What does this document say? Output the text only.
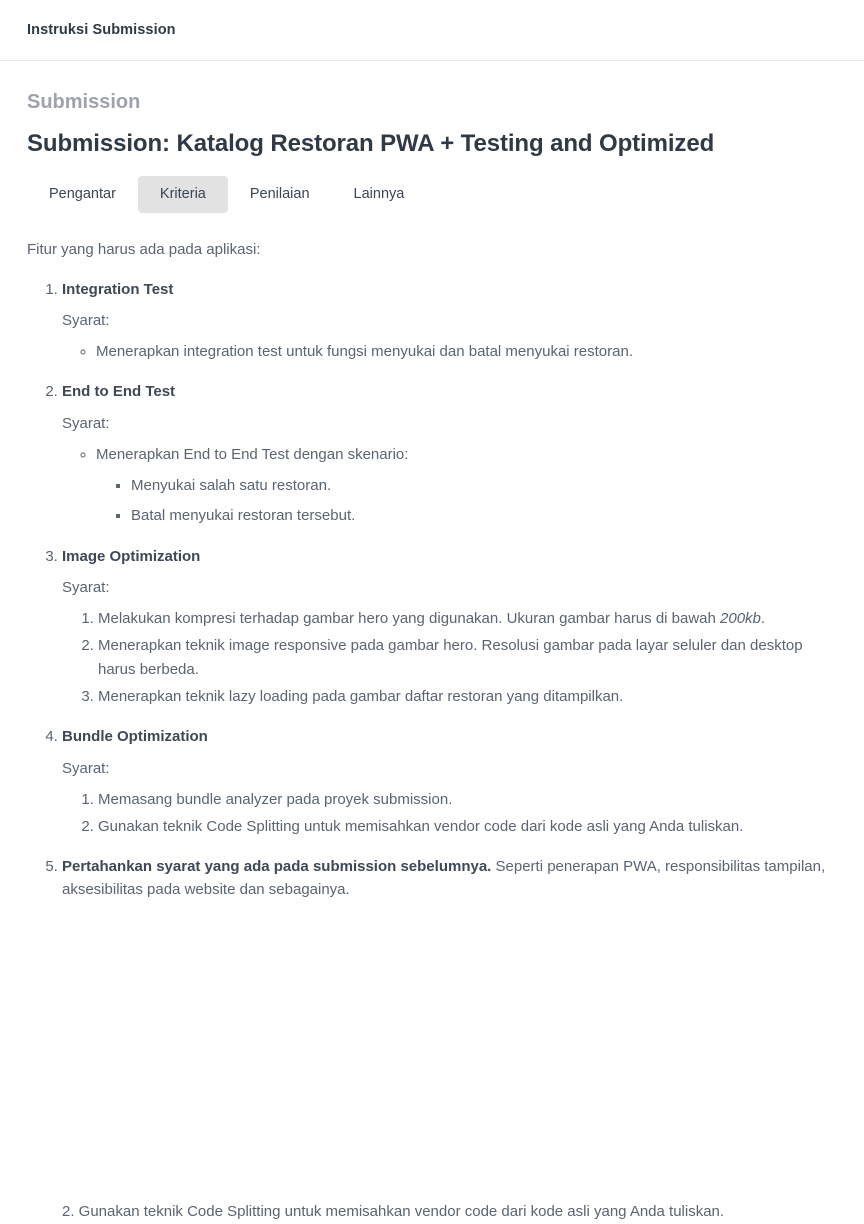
Instruksi Submission
Submission
Submission: Katalog Restoran PWA + Testing and Optimized
Pengantar	Kriteria	Penilaian	Lainnya

Fitur yang harus ada pada aplikasi:

1. Integration Test
Syarat:
◦ Menerapkan integration test untuk fungsi menyukai dan batal menyukai restoran.
2. End to End Test
Syarat:
◦ Menerapkan End to End Test dengan skenario:
▪ Menyukai salah satu restoran.
▪ Batal menyukai restoran tersebut.
3. Image Optimization
Syarat:
1. Melakukan kompresi terhadap gambar hero yang digunakan. Ukuran gambar harus di bawah 200kb.
2. Menerapkan teknik image responsive pada gambar hero. Resolusi gambar pada layar seluler dan desktop harus berbeda.
3. Menerapkan teknik lazy loading pada gambar daftar restoran yang ditampilkan.
4. Bundle Optimization
Syarat:
1. Memasang bundle analyzer pada proyek submission.
2. Gunakan teknik Code Splitting untuk memisahkan vendor code dari kode asli yang Anda tuliskan.
5. Pertahankan syarat yang ada pada submission sebelumnya. Seperti penerapan PWA, responsibilitas tampilan, aksesibilitas pada website dan sebagainya.
2. Gunakan teknik Code Splitting untuk memisahkan vendor code dari kode asli yang Anda tuliskan.
